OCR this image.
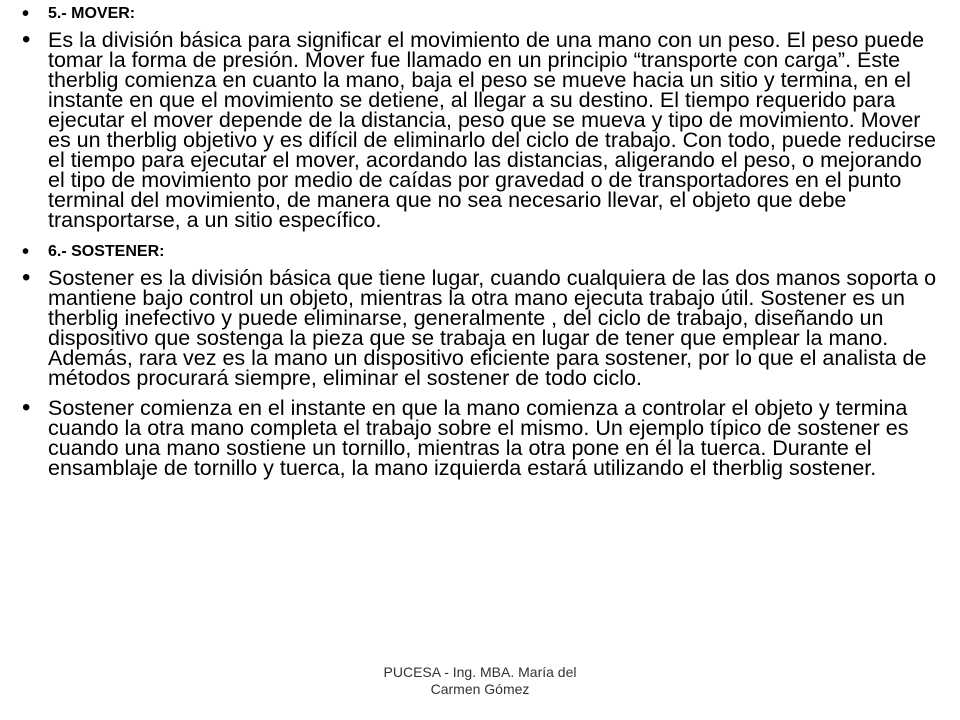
• 5.- MOVER:
• Es la división básica para significar el movimiento de una mano con un peso. El peso puede tomar la forma de presión. Mover fue llamado en un principio “transporte con carga”. Este therblig comienza en cuanto la mano, baja el peso se mueve hacia un sitio y termina, en el instante en que el movimiento se detiene, al llegar a su destino. El tiempo requerido para ejecutar el mover depende de la distancia, peso que se mueva y tipo de movimiento. Mover es un therblig objetivo y es difícil de eliminarlo del ciclo de trabajo. Con todo, puede reducirse el tiempo para ejecutar el mover, acordando las distancias, aligerando el peso, o mejorando el tipo de movimiento por medio de caídas por gravedad o de transportadores en el punto terminal del movimiento, de manera que no sea necesario llevar, el objeto que debe transportarse, a un sitio específico.
• 6.- SOSTENER:
• Sostener es la división básica que tiene lugar, cuando cualquiera de las dos manos soporta o mantiene bajo control un objeto, mientras la otra mano ejecuta trabajo útil. Sostener es un therblig inefectivo y puede eliminarse, generalmente , del ciclo de trabajo, diseñando un dispositivo que sostenga la pieza que se trabaja en lugar de tener que emplear la mano. Además, rara vez es la mano un dispositivo eficiente para sostener, por lo que el analista de métodos procurará siempre, eliminar el sostener de todo ciclo.
• Sostener comienza en el instante en que la mano comienza a controlar el objeto y termina cuando la otra mano completa el trabajo sobre el mismo. Un ejemplo típico de sostener es cuando una mano sostiene un tornillo, mientras la otra pone en él la tuerca. Durante el ensamblaje de tornillo y tuerca, la mano izquierda estará utilizando el therblig sostener.
PUCESA - Ing. MBA. María del
Carmen Gómez
